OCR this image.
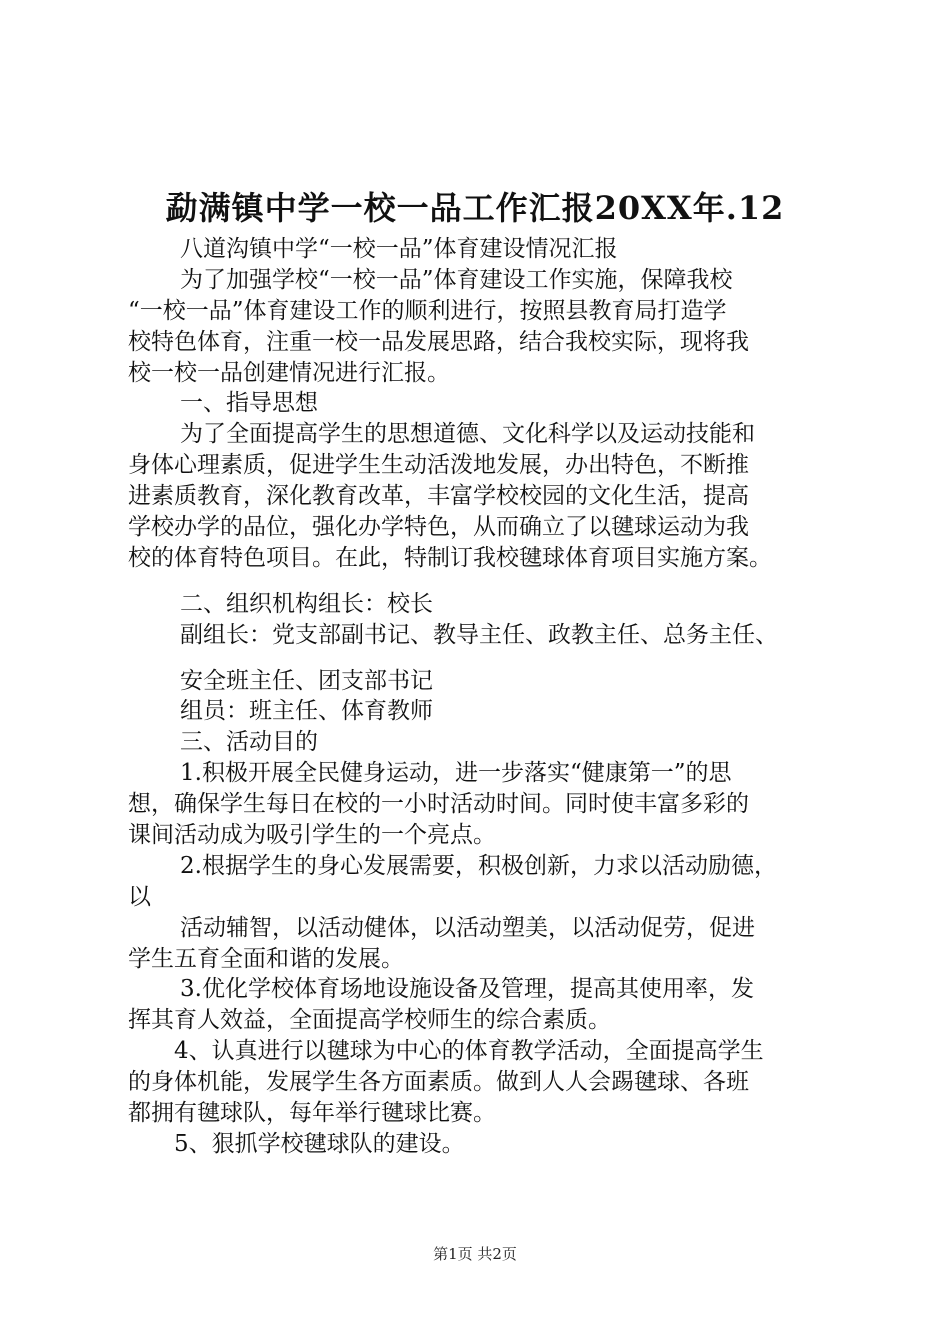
勐满镇中学一校一品工作汇报20XX年.12
八道沟镇中学“一校一品”体育建设情况汇报
为了加强学校“一校一品”体育建设工作实施，保障我校
“一校一品”体育建设工作的顺利进行，按照县教育局打造学
校特色体育，注重一校一品发展思路，结合我校实际，现将我
校一校一品创建情况进行汇报。
一、指导思想
为了全面提高学生的思想道德、文化科学以及运动技能和
身体心理素质，促进学生生动活泼地发展，办出特色，不断推
进素质教育，深化教育改革，丰富学校校园的文化生活，提高
学校办学的品位，强化办学特色，从而确立了以毽球运动为我
校的体育特色项目。在此，特制订我校毽球体育项目实施方案。
二、组织机构组长：校长
副组长：党支部副书记、教导主任、政教主任、总务主任、
安全班主任、团支部书记
组员：班主任、体育教师
三、活动目的
1.积极开展全民健身运动，进一步落实“健康第一”的思
想，确保学生每日在校的一小时活动时间。同时使丰富多彩的
课间活动成为吸引学生的一个亮点。
2.根据学生的身心发展需要，积极创新，力求以活动励德，
以
活动辅智，以活动健体，以活动塑美，以活动促劳，促进
学生五育全面和谐的发展。
3.优化学校体育场地设施设备及管理，提高其使用率，发
挥其育人效益，全面提高学校师生的综合素质。
4、认真进行以毽球为中心的体育教学活动，全面提高学生
的身体机能，发展学生各方面素质。做到人人会踢毽球、各班
都拥有毽球队，每年举行毽球比赛。
5、狠抓学校毽球队的建设。
第1页 共2页
